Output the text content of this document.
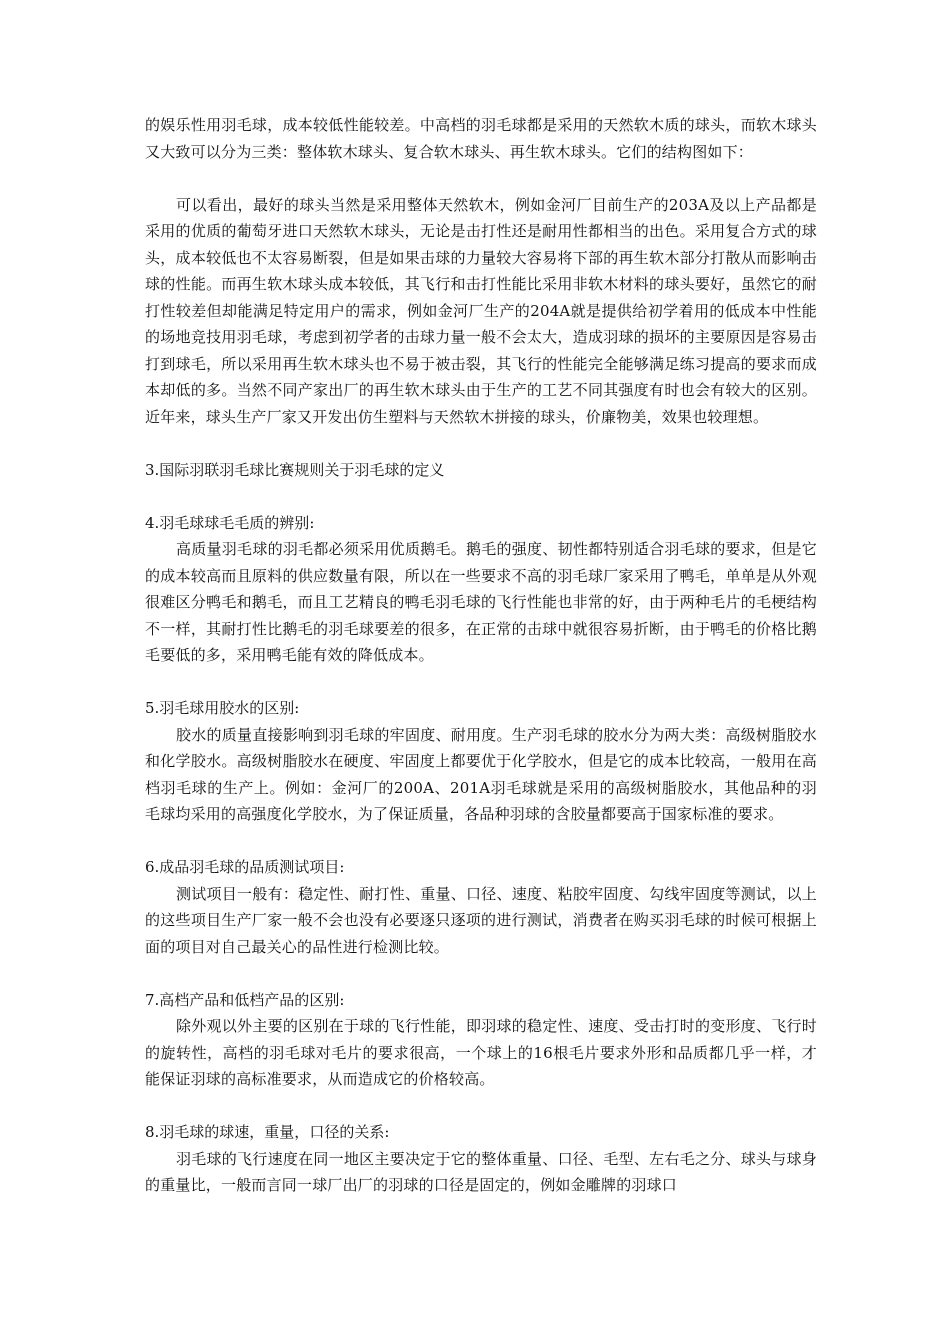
的娱乐性用羽毛球，成本较低性能较差。中高档的羽毛球都是采用的天然软木质的球头，而软木球头又大致可以分为三类：整体软木球头、复合软木球头、再生软木球头。它们的结构图如下：

可以看出，最好的球头当然是采用整体天然软木，例如金河厂目前生产的203A及以上产品都是采用的优质的葡萄牙进口天然软木球头，无论是击打性还是耐用性都相当的出色。采用复合方式的球头，成本较低也不太容易断裂，但是如果击球的力量较大容易将下部的再生软木部分打散从而影响击球的性能。而再生软木球头成本较低，其飞行和击打性能比采用非软木材料的球头要好，虽然它的耐打性较差但却能满足特定用户的需求，例如金河厂生产的204A就是提供给初学着用的低成本中性能的场地竞技用羽毛球，考虑到初学者的击球力量一般不会太大，造成羽球的损坏的主要原因是容易击打到球毛，所以采用再生软木球头也不易于被击裂，其飞行的性能完全能够满足练习提高的要求而成本却低的多。当然不同产家出厂的再生软木球头由于生产的工艺不同其强度有时也会有较大的区别。近年来，球头生产厂家又开发出仿生塑料与天然软木拼接的球头，价廉物美，效果也较理想。

3.国际羽联羽毛球比赛规则关于羽毛球的定义

4.羽毛球球毛毛质的辨别:

高质量羽毛球的羽毛都必须采用优质鹅毛。鹅毛的强度、韧性都特别适合羽毛球的要求，但是它的成本较高而且原料的供应数量有限，所以在一些要求不高的羽毛球厂家采用了鸭毛，单单是从外观很难区分鸭毛和鹅毛，而且工艺精良的鸭毛羽毛球的飞行性能也非常的好，由于两种毛片的毛梗结构不一样，其耐打性比鹅毛的羽毛球要差的很多，在正常的击球中就很容易折断，由于鸭毛的价格比鹅毛要低的多，采用鸭毛能有效的降低成本。

5.羽毛球用胶水的区别:

胶水的质量直接影响到羽毛球的牢固度、耐用度。生产羽毛球的胶水分为两大类：高级树脂胶水和化学胶水。高级树脂胶水在硬度、牢固度上都要优于化学胶水，但是它的成本比较高，一般用在高档羽毛球的生产上。例如：金河厂的200A、201A羽毛球就是采用的高级树脂胶水，其他品种的羽毛球均采用的高强度化学胶水，为了保证质量，各品种羽球的含胶量都要高于国家标准的要求。

6.成品羽毛球的品质测试项目:

测试项目一般有：稳定性、耐打性、重量、口径、速度、粘胶牢固度、勾线牢固度等测试，以上的这些项目生产厂家一般不会也没有必要逐只逐项的进行测试，消费者在购买羽毛球的时候可根据上面的项目对自己最关心的品性进行检测比较。

7.高档产品和低档产品的区别:

除外观以外主要的区别在于球的飞行性能，即羽球的稳定性、速度、受击打时的变形度、飞行时的旋转性，高档的羽毛球对毛片的要求很高，一个球上的16根毛片要求外形和品质都几乎一样，才能保证羽球的高标准要求，从而造成它的价格较高。

8.羽毛球的球速，重量，口径的关系:

羽毛球的飞行速度在同一地区主要决定于它的整体重量、口径、毛型、左右毛之分、球头与球身的重量比，一般而言同一球厂出厂的羽球的口径是固定的，例如金雕牌的羽球口
